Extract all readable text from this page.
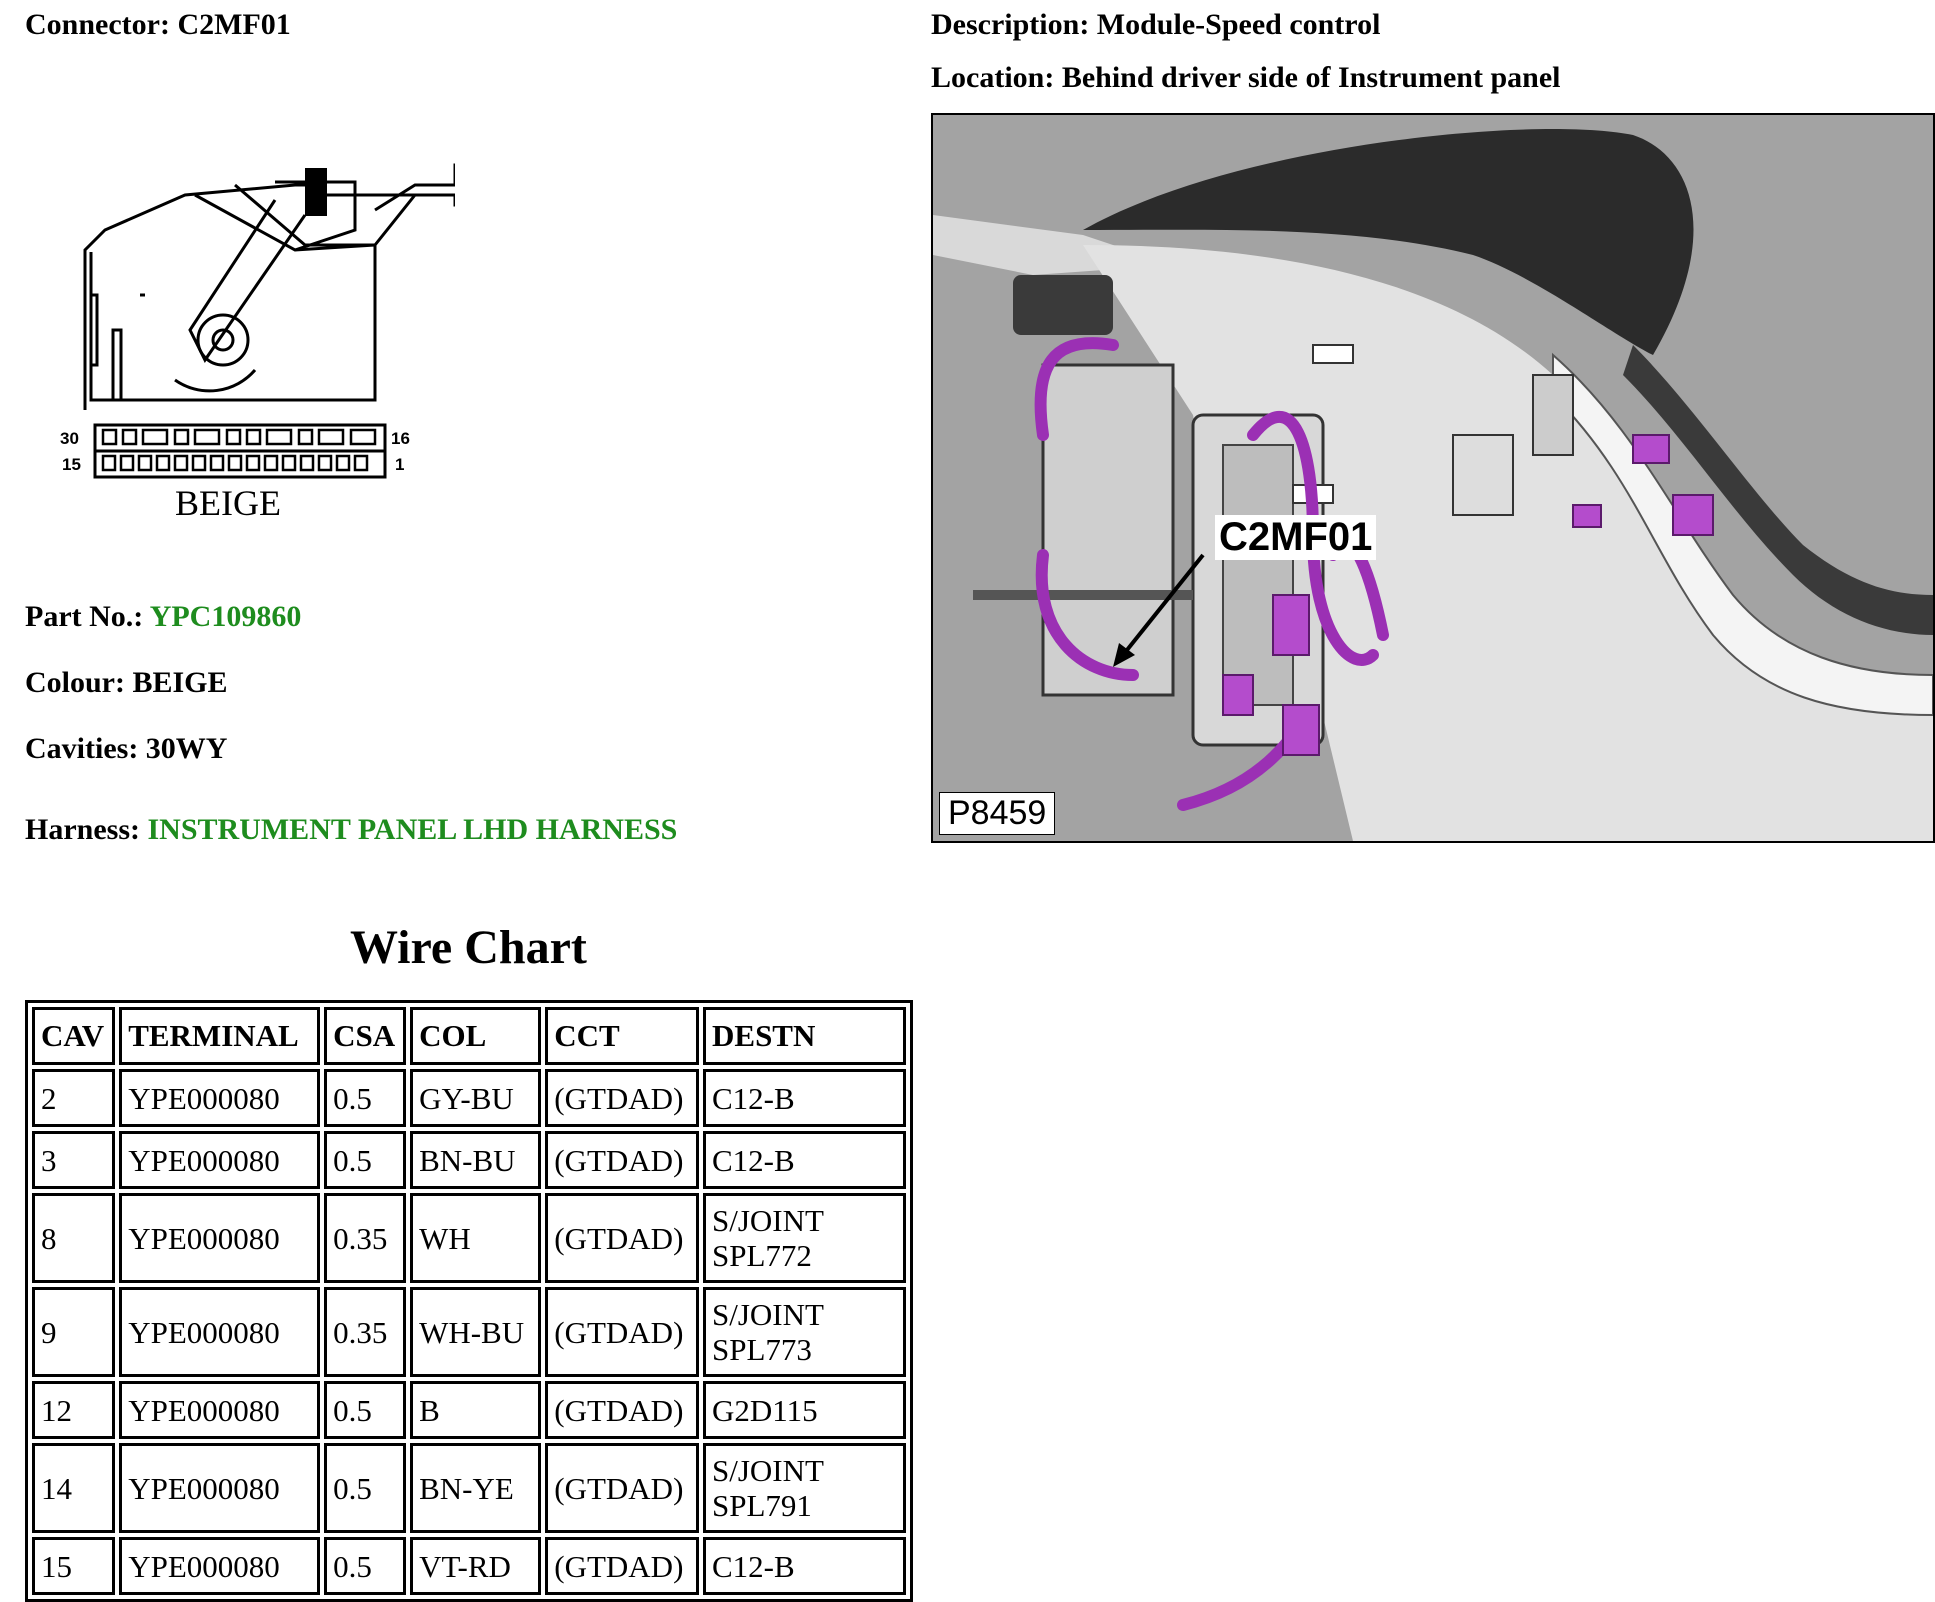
Connector: C2MF01	Description: Module-Speed control
Location: Behind driver side of Instrument panel
30	16
15	1
BEIGE
Part No.: YPC109860
Colour: BEIGE
Cavities: 30WY
Harness: INSTRUMENT PANEL LHD HARNESS
C2MF01
P8459
Wire Chart
CAV	TERMINAL	CSA	COL	CCT	DESTN
2	YPE000080	0.5	GY-BU	(GTDAD)	C12-B
3	YPE000080	0.5	BN-BU	(GTDAD)	C12-B
8	YPE000080	0.35	WH	(GTDAD)	S/JOINT SPL772
9	YPE000080	0.35	WH-BU	(GTDAD)	S/JOINT SPL773
12	YPE000080	0.5	B	(GTDAD)	G2D115
14	YPE000080	0.5	BN-YE	(GTDAD)	S/JOINT SPL791
15	YPE000080	0.5	VT-RD	(GTDAD)	C12-B
